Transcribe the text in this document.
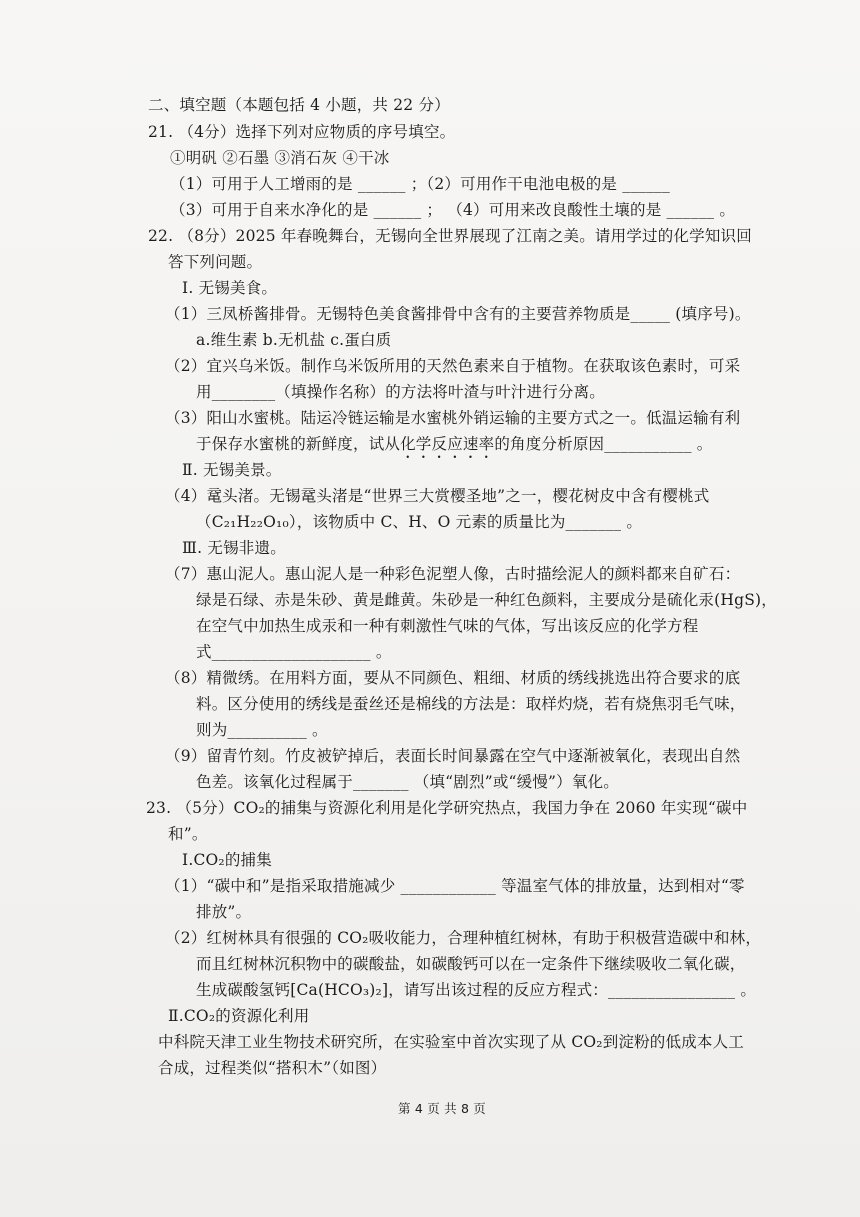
二、填空题（本题包括 4 小题，共 22 分）
21. （4分）选择下列对应物质的序号填空。
①明矾 ②石墨 ③消石灰 ④干冰
（1）可用于人工增雨的是 ______ ；（2）可用作干电池电极的是 ______
（3）可用于自来水净化的是 ______ ； （4）可用来改良酸性土壤的是 ______ 。
22. （8分）2025 年春晚舞台，无锡向全世界展现了江南之美。请用学过的化学知识回
答下列问题。
Ⅰ. 无锡美食。
（1）三凤桥酱排骨。无锡特色美食酱排骨中含有的主要营养物质是_____ (填序号)。
a.维生素 b.无机盐 c.蛋白质
（2）宜兴乌米饭。制作乌米饭所用的天然色素来自于植物。在获取该色素时，可采
用________（填操作名称）的方法将叶渣与叶汁进行分离。
（3）阳山水蜜桃。陆运冷链运输是水蜜桃外销运输的主要方式之一。低温运输有利
于保存水蜜桃的新鲜度，试从化学反应速率的角度分析原因___________ 。
Ⅱ. 无锡美景。
（4）鼋头渚。无锡鼋头渚是“世界三大赏樱圣地”之一，樱花树皮中含有樱桃式
（C₂₁H₂₂O₁₀），该物质中 C、H、O 元素的质量比为_______ 。
Ⅲ. 无锡非遗。
（7）惠山泥人。惠山泥人是一种彩色泥塑人像，古时描绘泥人的颜料都来自矿石：
绿是石绿、赤是朱砂、黄是雌黄。朱砂是一种红色颜料，主要成分是硫化汞(HgS)，
在空气中加热生成汞和一种有刺激性气味的气体，写出该反应的化学方程
式____________________ 。
（8）精微绣。在用料方面，要从不同颜色、粗细、材质的绣线挑选出符合要求的底
料。区分使用的绣线是蚕丝还是棉线的方法是：取样灼烧，若有烧焦羽毛气味，
则为__________ 。
（9）留青竹刻。竹皮被铲掉后，表面长时间暴露在空气中逐渐被氧化，表现出自然
色差。该氧化过程属于_______ （填“剧烈”或“缓慢”）氧化。
23. （5分）CO₂的捕集与资源化利用是化学研究热点，我国力争在 2060 年实现“碳中
和”。
Ⅰ.CO₂的捕集
（1）“碳中和”是指采取措施减少 ____________ 等温室气体的排放量，达到相对“零
排放”。
（2）红树林具有很强的 CO₂吸收能力，合理种植红树林，有助于积极营造碳中和林，
而且红树林沉积物中的碳酸盐，如碳酸钙可以在一定条件下继续吸收二氧化碳，
生成碳酸氢钙[Ca(HCO₃)₂]，请写出该过程的反应方程式：________________ 。
Ⅱ.CO₂的资源化利用
中科院天津工业生物技术研究所，在实验室中首次实现了从 CO₂到淀粉的低成本人工
合成，过程类似“搭积木”（如图）
第 4 页 共 8 页
